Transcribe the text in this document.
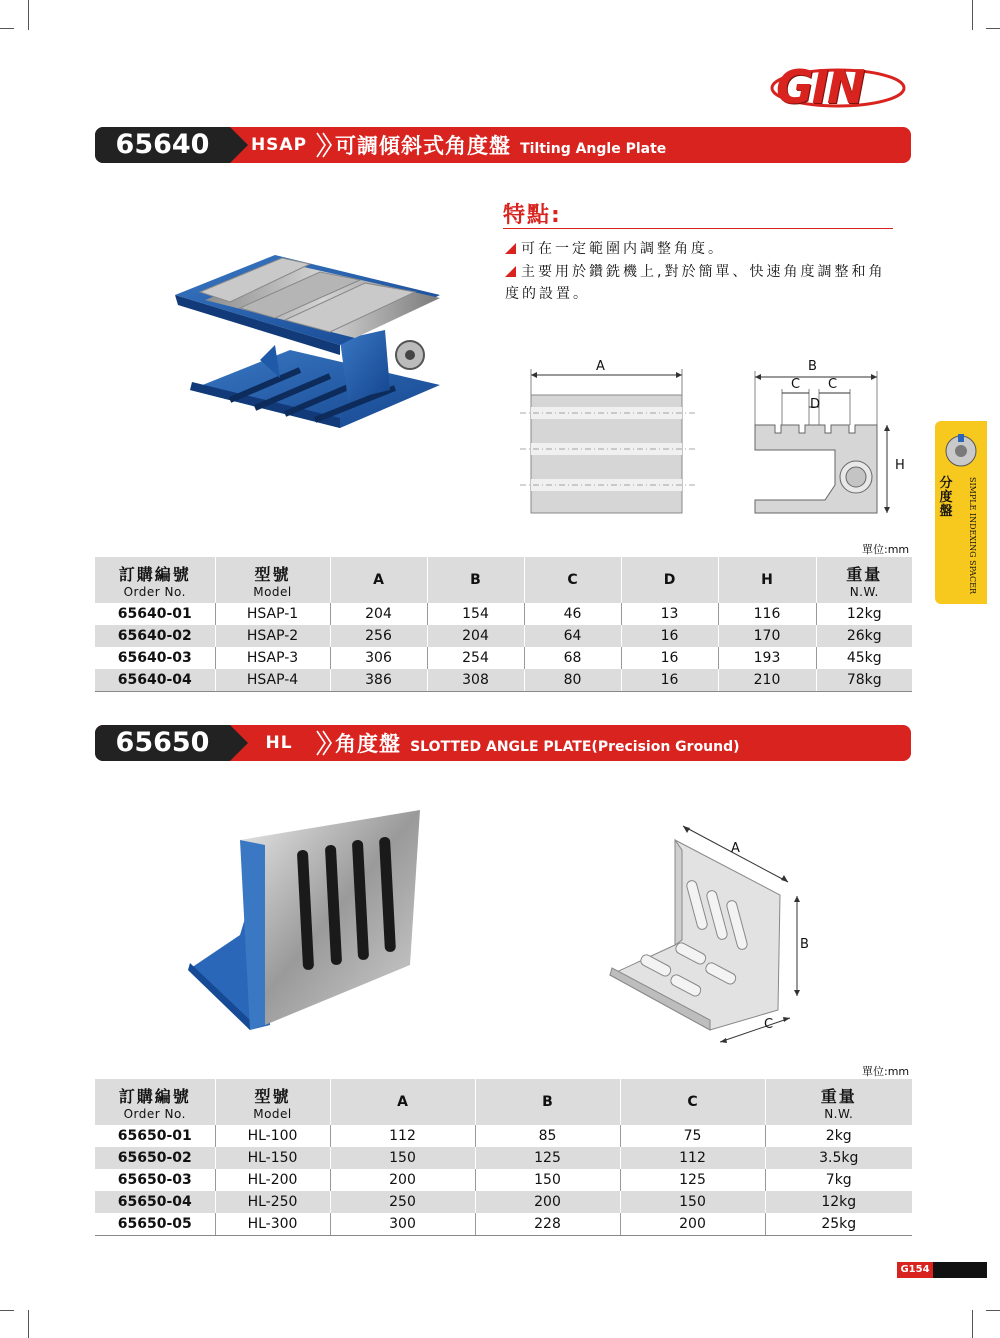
GIN
65640	HSAP 可調傾斜式角度盤 Tilting Angle Plate
特點:
可在一定範圍内調整角度。
主要用於鑽銑機上,對於簡單、快速角度調整和角度的設置。
A	B
C C
D
H
單位:mm
訂購編號
Order No.	型號
Model	A	B	C	D	H	重量
N.W.

65640-01	HSAP-1	204	154	46	13	116	12kg
65640-02	HSAP-2	256	204	64	16	170	26kg
65640-03	HSAP-3	306	254	68	16	193	45kg
65640-04	HSAP-4	386	308	80	16	210	78kg
65650	HL	角度盤 SLOTTED ANGLE PLATE(Precision Ground)
A
B
C
單位:mm
訂購編號
Order No.	型號
Model	A	B	C	重量
N.W.

65650-01	HL-100	112	85	75	2kg
65650-02	HL-150	150	125	112	3.5kg
65650-03	HL-200	200	150	125	7kg
65650-04	HL-250	250	200	150	12kg
65650-05	HL-300	300	228	200	25kg
分度盤	SIMPLE INDEXING SPACER
G154
